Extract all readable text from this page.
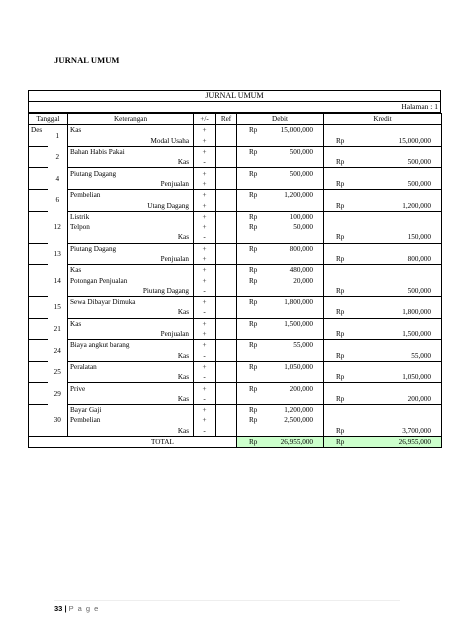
JURNAL UMUM
JURNAL UMUM
Halaman : 1
Tanggal		Keterangan	+/-	Ref	Debit	Kredit
Des	1	Kas	+		Rp 15,000,000	

		Modal Usaha	+			Rp 15,000,000

	2	Bahan Habis Pakai	+		Rp 500,000	

		Kas	-			Rp 500,000

	4	Piutang Dagang	+		Rp 500,000	

		Penjualan	+			Rp 500,000

	6	Pembelian	+		Rp 1,200,000	

		Utang Dagang	+			Rp 1,200,000

	12	Listrik	+		Rp 100,000	

		Telpon	+		Rp 50,000	

		Kas	-			Rp 150,000

	13	Piutang Dagang	+		Rp 800,000	

		Penjualan	+			Rp 800,000

	14	Kas	+		Rp 480,000	

		Potongan Penjualan	+		Rp 20,000	

		Piutang Dagang	-			Rp 500,000

	15	Sewa Dibayar Dimuka	+		Rp 1,800,000	

		Kas	-			Rp 1,800,000

	21	Kas	+		Rp 1,500,000	

		Penjualan	+			Rp 1,500,000

	24	Biaya angkut barang	+		Rp 55,000	

		Kas	-			Rp 55,000

	25	Peralatan	+		Rp 1,050,000	

		Kas	-			Rp 1,050,000

	29	Prive	+		Rp 200,000	

		Kas	-			Rp 200,000

	30	Bayar Gaji	+		Rp 1,200,000	

		Pembelian	+		Rp 2,500,000	

		Kas	-			Rp 3,700,000

TOTAL					Rp 26,955,000	Rp 26,955,000
33 | P a g e
